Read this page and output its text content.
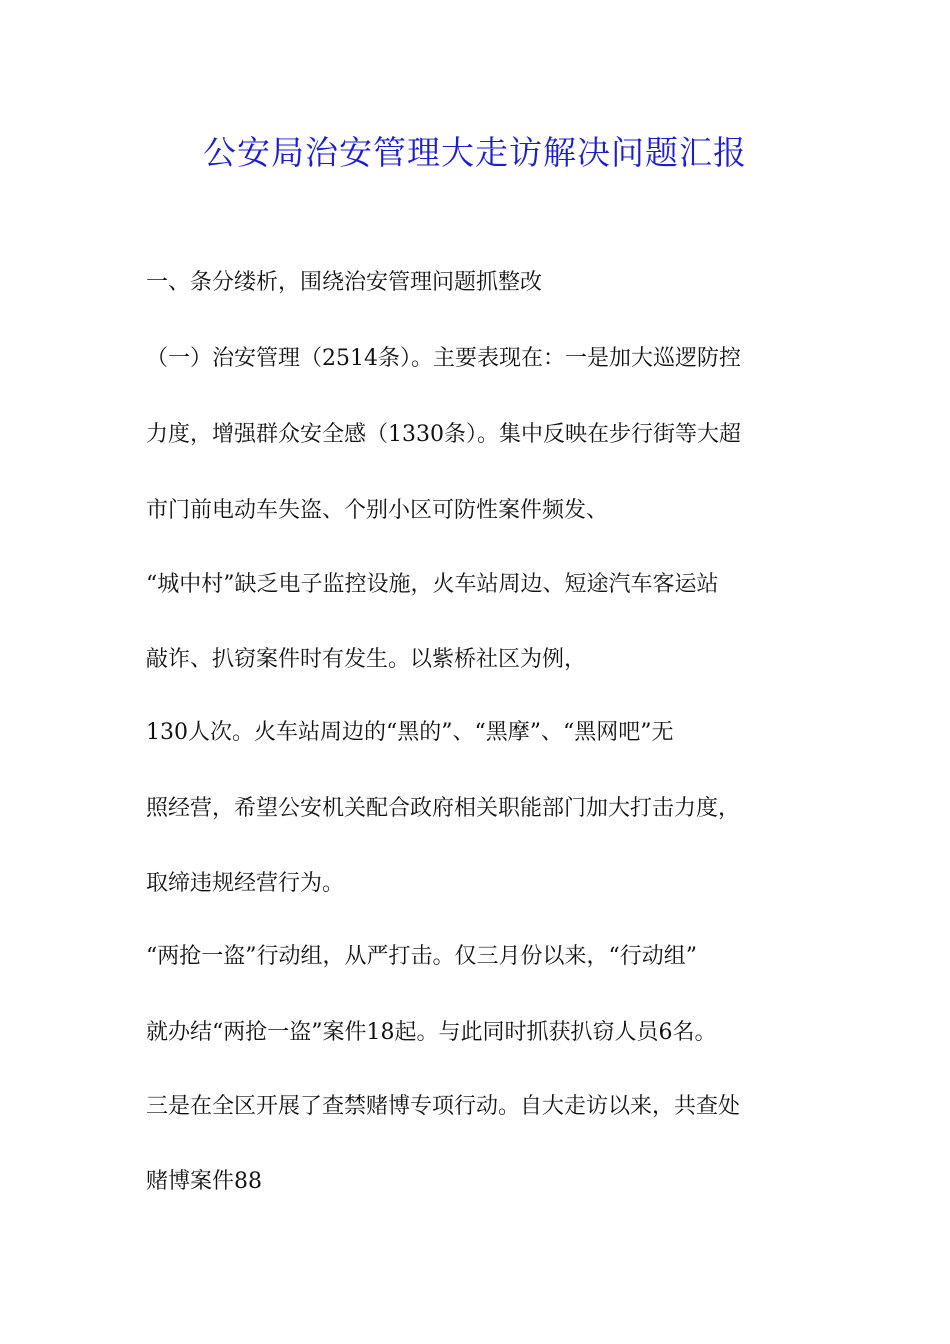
公安局治安管理大走访解决问题汇报
一、条分缕析，围绕治安管理问题抓整改
（一）治安管理（2514条）。主要表现在：一是加大巡逻防控
力度，增强群众安全感（1330条）。集中反映在步行街等大超
市门前电动车失盗、个别小区可防性案件频发、
“城中村”缺乏电子监控设施，火车站周边、短途汽车客运站
敲诈、扒窃案件时有发生。以紫桥社区为例，
130人次。火车站周边的“黑的”、“黑摩”、“黑网吧”无
照经营，希望公安机关配合政府相关职能部门加大打击力度，
取缔违规经营行为。
“两抢一盗”行动组，从严打击。仅三月份以来，“行动组”
就办结“两抢一盗”案件18起。与此同时抓获扒窃人员6名。
三是在全区开展了查禁赌博专项行动。自大走访以来，共查处
赌博案件88
